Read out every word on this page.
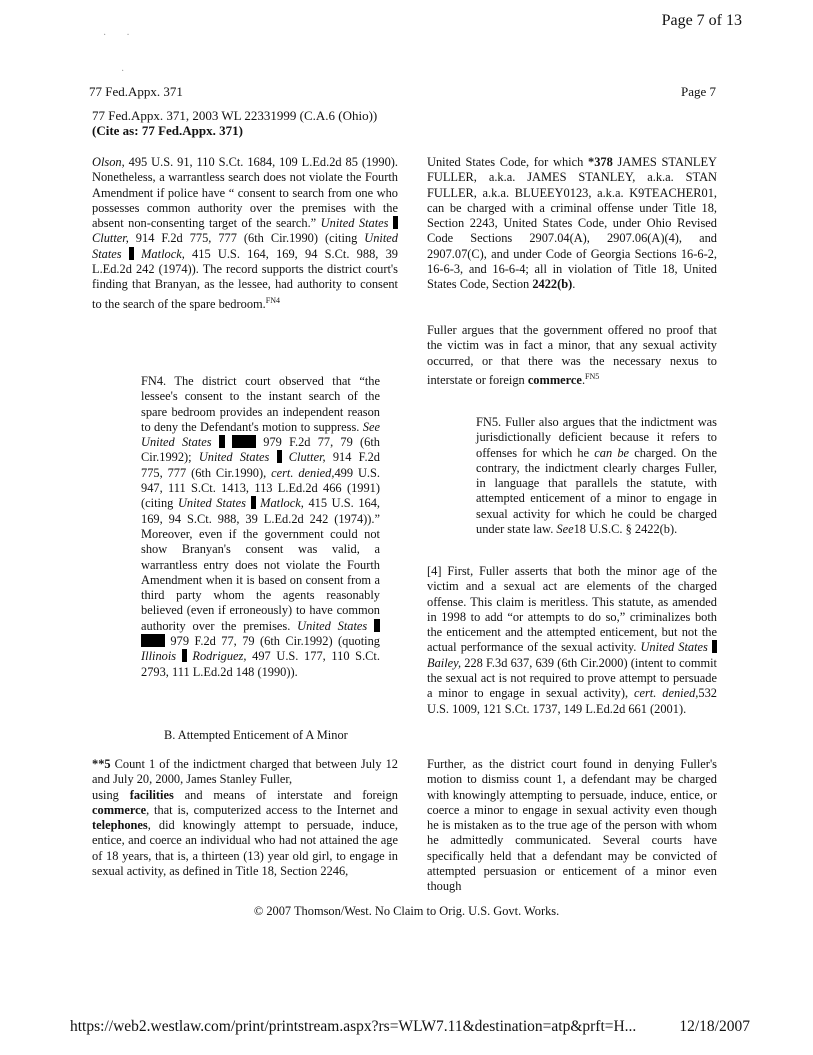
Page 7 of 13
·        ·
·
77 Fed.Appx. 371	Page 7
77 Fed.Appx. 371, 2003 WL 22331999 (C.A.6 (Ohio))
(Cite as: 77 Fed.Appx. 371)

Olson, 495 U.S. 91, 110 S.Ct. 1684, 109 L.Ed.2d 85 (1990). Nonetheless, a warrantless search does not violate the Fourth Amendment if police have “ consent to search from one who possesses common authority over the premises with the absent non-consenting target of the search.” United States  Clutter, 914 F.2d 775, 777 (6th Cir.1990) (citing United States Matlock, 415 U.S. 164, 169, 94 S.Ct. 988, 39 L.Ed.2d 242 (1974)). The record supports the district court's finding that Branyan, as the lessee, had authority to consent to the search of the spare bedroom.$^{FN4}$

FN4. The district court observed that “the lessee's consent to the instant search of the spare bedroom provides an independent reason to deny the Defendant's motion to suppress. See United States	979 F.2d 77, 79 (6th Cir.1992); United States Clutter, 914 F.2d 775, 777 (6th Cir.1990), cert. denied,499 U.S. 947, 111 S.Ct. 1413, 113 L.Ed.2d 466 (1991) (citing United States Matlock, 415 U.S. 164, 169, 94 S.Ct. 988, 39 L.Ed.2d 242 (1974)).” Moreover, even if the government could not show Branyan's consent was valid, a warrantless entry does not violate the Fourth Amendment when it is based on consent from a third party whom the agents reasonably believed (even if erroneously) to have common authority over the premises. United States   979 F.2d 77, 79 (6th Cir.1992) (quoting Illinois Rodriguez, 497 U.S. 177, 110 S.Ct. 2793, 111 L.Ed.2d 148 (1990)).
B. Attempted Enticement of A Minor

**5 Count 1 of the indictment charged that between July 12 and July 20, 2000, James Stanley Fuller,

using facilities and means of interstate and foreign commerce, that is, computerized access to the Internet and telephones, did knowingly attempt to persuade, induce, entice, and coerce an individual who had not attained the age of 18 years, that is, a thirteen (13) year old girl, to engage in sexual activity, as defined in Title 18, Section 2246,

United States Code, for which *378 JAMES STANLEY FULLER, a.k.a. JAMES STANLEY, a.k.a. STAN FULLER, a.k.a. BLUEEY0123, a.k.a. K9TEACHER01, can be charged with a criminal offense under Title 18, Section 2243, United States Code, under Ohio Revised Code Sections 2907.04(A), 2907.06(A)(4), and 2907.07(C), and under Code of Georgia Sections 16-6-2, 16-6-3, and 16-6-4; all in violation of Title 18, United States Code, Section 2422(b).

Fuller argues that the government offered no proof that the victim was in fact a minor, that any sexual activity occurred, or that there was the necessary nexus to interstate or foreign commerce.$^{FN5}$
FN5. Fuller also argues that the indictment was jurisdictionally deficient because it refers to offenses for which he can be charged. On the contrary, the indictment clearly charges Fuller, in language that parallels the statute, with attempted enticement of a minor to engage in sexual activity for which he could be charged under state law. See18 U.S.C. § 2422(b).
[4] First, Fuller asserts that both the minor age of the victim and a sexual act are elements of the charged offense. This claim is meritless. This statute, as amended in 1998 to add “or attempts to do so,” criminalizes both the enticement and the attempted enticement, but not the actual performance of the sexual activity. United States  Bailey, 228 F.3d 637, 639 (6th Cir.2000) (intent to commit the sexual act is not required to prove attempt to persuade a minor to engage in sexual activity), cert. denied,532 U.S. 1009, 121 S.Ct. 1737, 149 L.Ed.2d 661 (2001).
Further, as the district court found in denying Fuller's motion to dismiss count 1, a defendant may be charged with knowingly attempting to persuade, induce, entice, or coerce a minor to engage in sexual activity even though he is mistaken as to the true age of the person with whom he admittedly communicated. Several courts have specifically held that a defendant may be convicted of attempted persuasion or enticement of a minor even though
© 2007 Thomson/West. No Claim to Orig. U.S. Govt. Works.
https://web2.westlaw.com/print/printstream.aspx?rs=WLW7.11&destination=atp&prft=H...	12/18/2007
